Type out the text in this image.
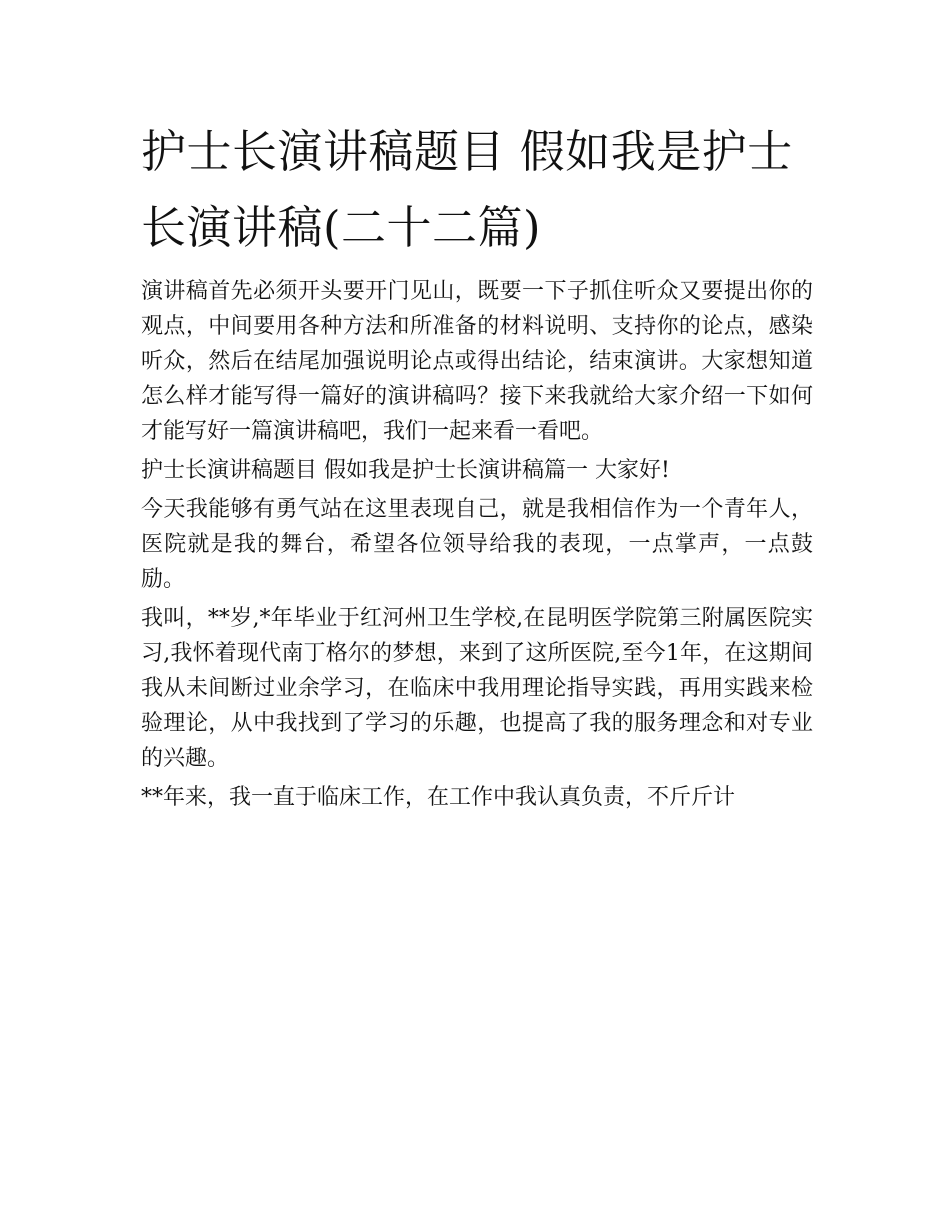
护士长演讲稿题目 假如我是护士长演讲稿(二十二篇)

演讲稿首先必须开头要开门见山，既要一下子抓住听众又要提出你的观点，中间要用各种方法和所准备的材料说明、支持你的论点，感染听众，然后在结尾加强说明论点或得出结论，结束演讲。大家想知道怎么样才能写得一篇好的演讲稿吗？接下来我就给大家介绍一下如何才能写好一篇演讲稿吧，我们一起来看一看吧。

护士长演讲稿题目 假如我是护士长演讲稿篇一 大家好!

今天我能够有勇气站在这里表现自己，就是我相信作为一个青年人，医院就是我的舞台，希望各位领导给我的表现，一点掌声，一点鼓励。

我叫，**岁,*年毕业于红河州卫生学校,在昆明医学院第三附属医院实习,我怀着现代南丁格尔的梦想，来到了这所医院,至今1年，在这期间我从未间断过业余学习，在临床中我用理论指导实践，再用实践来检验理论，从中我找到了学习的乐趣，也提高了我的服务理念和对专业的兴趣。

**年来，我一直于临床工作，在工作中我认真负责，不斤斤计
